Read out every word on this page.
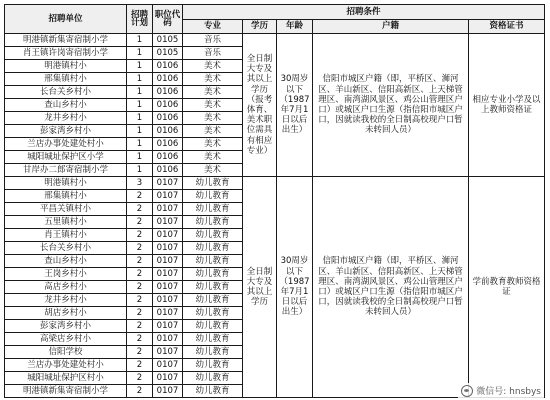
招聘单位	招聘计划	职位代码	招聘条件				
			专业	学历	年龄	户籍	资格证书
明港镇新集寄宿制小学	1	0105	音乐	全日制大专及其以上学历（报考体育、美术职位需具有相应专业）	30周岁以下（1987年7月1日以后出生）	信阳市城区户籍（即，平桥区、浉河区、羊山新区、信阳高新区、上天梯管理区、南湾湖风景区、鸡公山管理区户口）或城区户口生源（指信阳市城区户口，因就读我校的全日制高校现户口暂未转回人员）	相应专业小学及以上教师资格证
肖王镇许岗寄宿制小学	1	0105	音乐				
明港镇村小	1	0106	美术				
邢集镇村小	1	0106	美术				
长台关乡村小	1	0106	美术				
查山乡村小	1	0106	美术				
龙井乡村小	1	0106	美术				
彭家湾乡村小	1	0106	美术				
兰店办事处建处村小	1	0106	美术				
城阳城址保护区小学	1	0106	美术				
甘岸办二郎寄宿制小学	1	0106	美术				
明港镇村小	3	0107	幼儿教育	全日制大专及其以上学历	30周岁以下（1987年7月1日以后出生）	信阳市城区户籍（即，平桥区、浉河区、羊山新区、信阳高新区、上天梯管理区、南湾湖风景区、鸡公山管理区户口）或城区户口生源（指信阳市城区户口，因就读我校的全日制高校现户口暂未转回人员）	学前教育教师资格证
邢集镇村小	2	0107	幼儿教育				
平昌关镇村小	2	0107	幼儿教育				
五里镇村小	2	0107	幼儿教育				
肖王镇村小	2	0107	幼儿教育				
长台关乡村小	2	0107	幼儿教育				
查山乡村小	2	0107	幼儿教育				
王岗乡村小	2	0107	幼儿教育				
高店乡村小	2	0107	幼儿教育				
龙井乡村小	2	0107	幼儿教育				
胡店乡村小	2	0107	幼儿教育				
彭家湾乡村小	2	0107	幼儿教育				
高梁店乡村小	2	0107	幼儿教育				
信阳学校	2	0107	幼儿教育				
兰店办事处建处村小	2	0107	幼儿教育				
城阳城址保护区村小	2	0107	幼儿教育				
明港镇新集寄宿制小学	2	0107	幼儿教育					微信号: hnsbys
